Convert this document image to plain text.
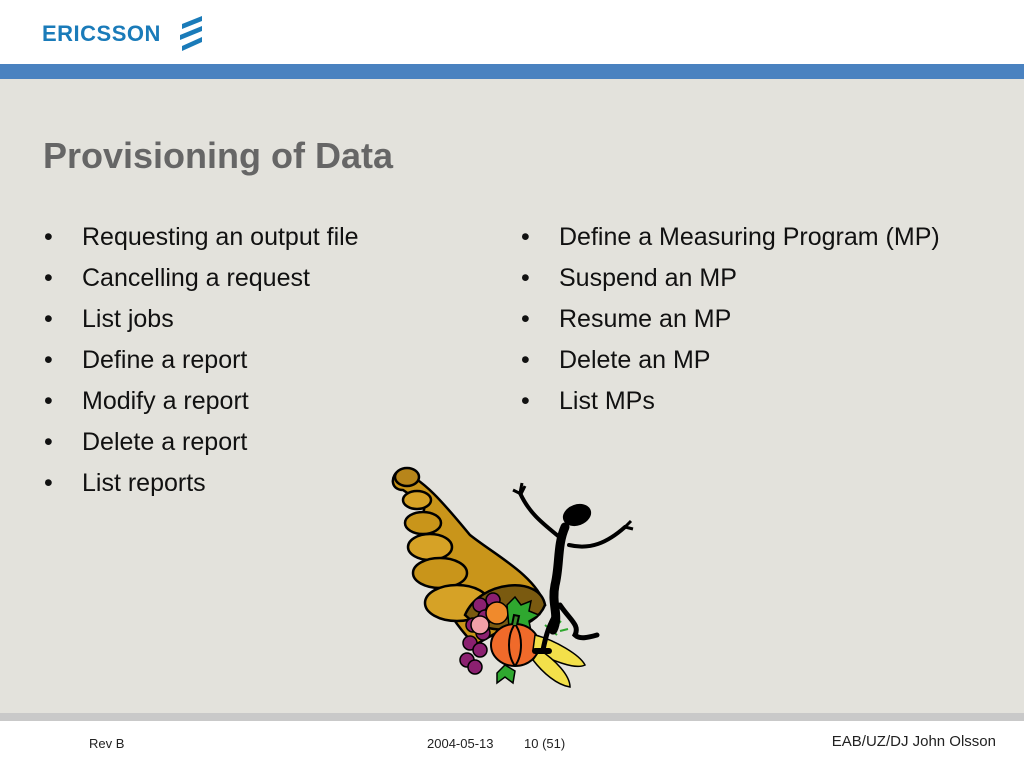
ERICSSON
Provisioning of Data
• Requesting an output file
• Cancelling a request
• List jobs
• Define a report
• Modify a report
• Delete a report
• List reports
• Define a Measuring Program (MP)
• Suspend an MP
• Resume an MP
• Delete an MP
• List MPs
Rev B	2004-05-13 10 (51)	EAB/UZ/DJ John Olsson
